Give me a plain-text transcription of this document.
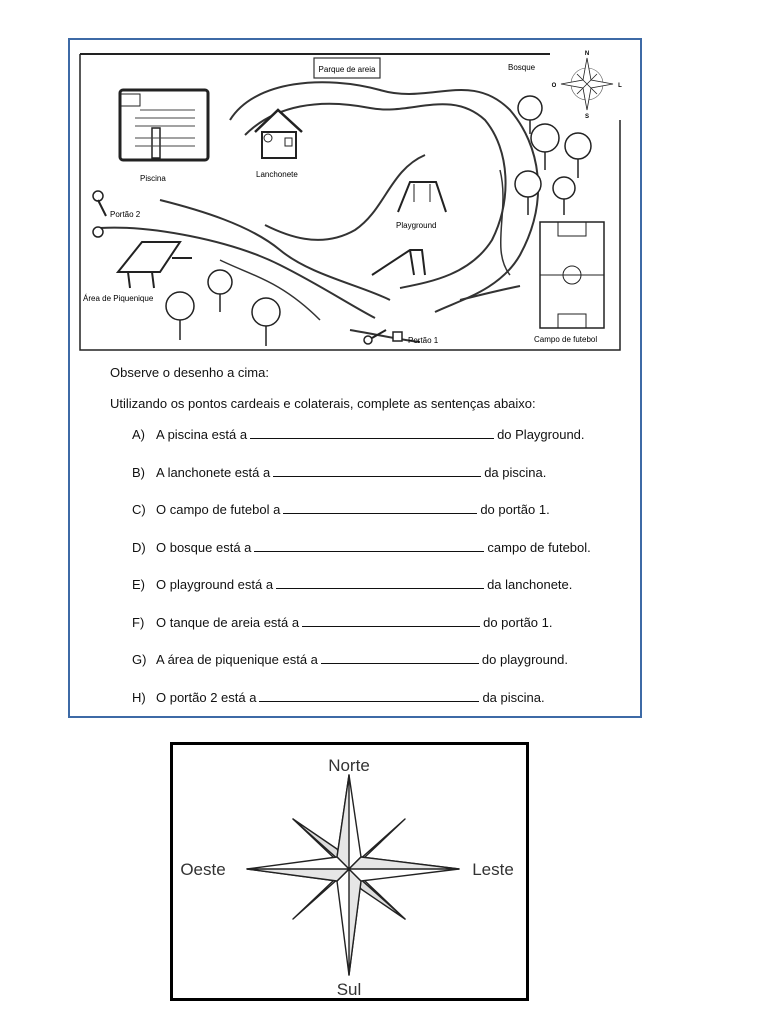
Parque de areia
Piscina	Lanchonete
Portão 2
Playground
Área de Piquenique
Bosque
Campo de futebol
Portão 1
N
S
O	L
Observe o desenho a cima:
Utilizando os pontos cardeais e colaterais, complete as sentenças abaixo:
A) A piscina está a	do Playground.
B) A lanchonete está a	da piscina.
C) O campo de futebol a	do portão 1.
D) O bosque está a	campo de futebol.
E) O playground está a	da lanchonete.
F) O tanque de areia está a	do portão 1.
G) A área de piquenique está a	do playground.
H) O portão 2 está a	da piscina.
Norte
Sul
Oeste	Leste
